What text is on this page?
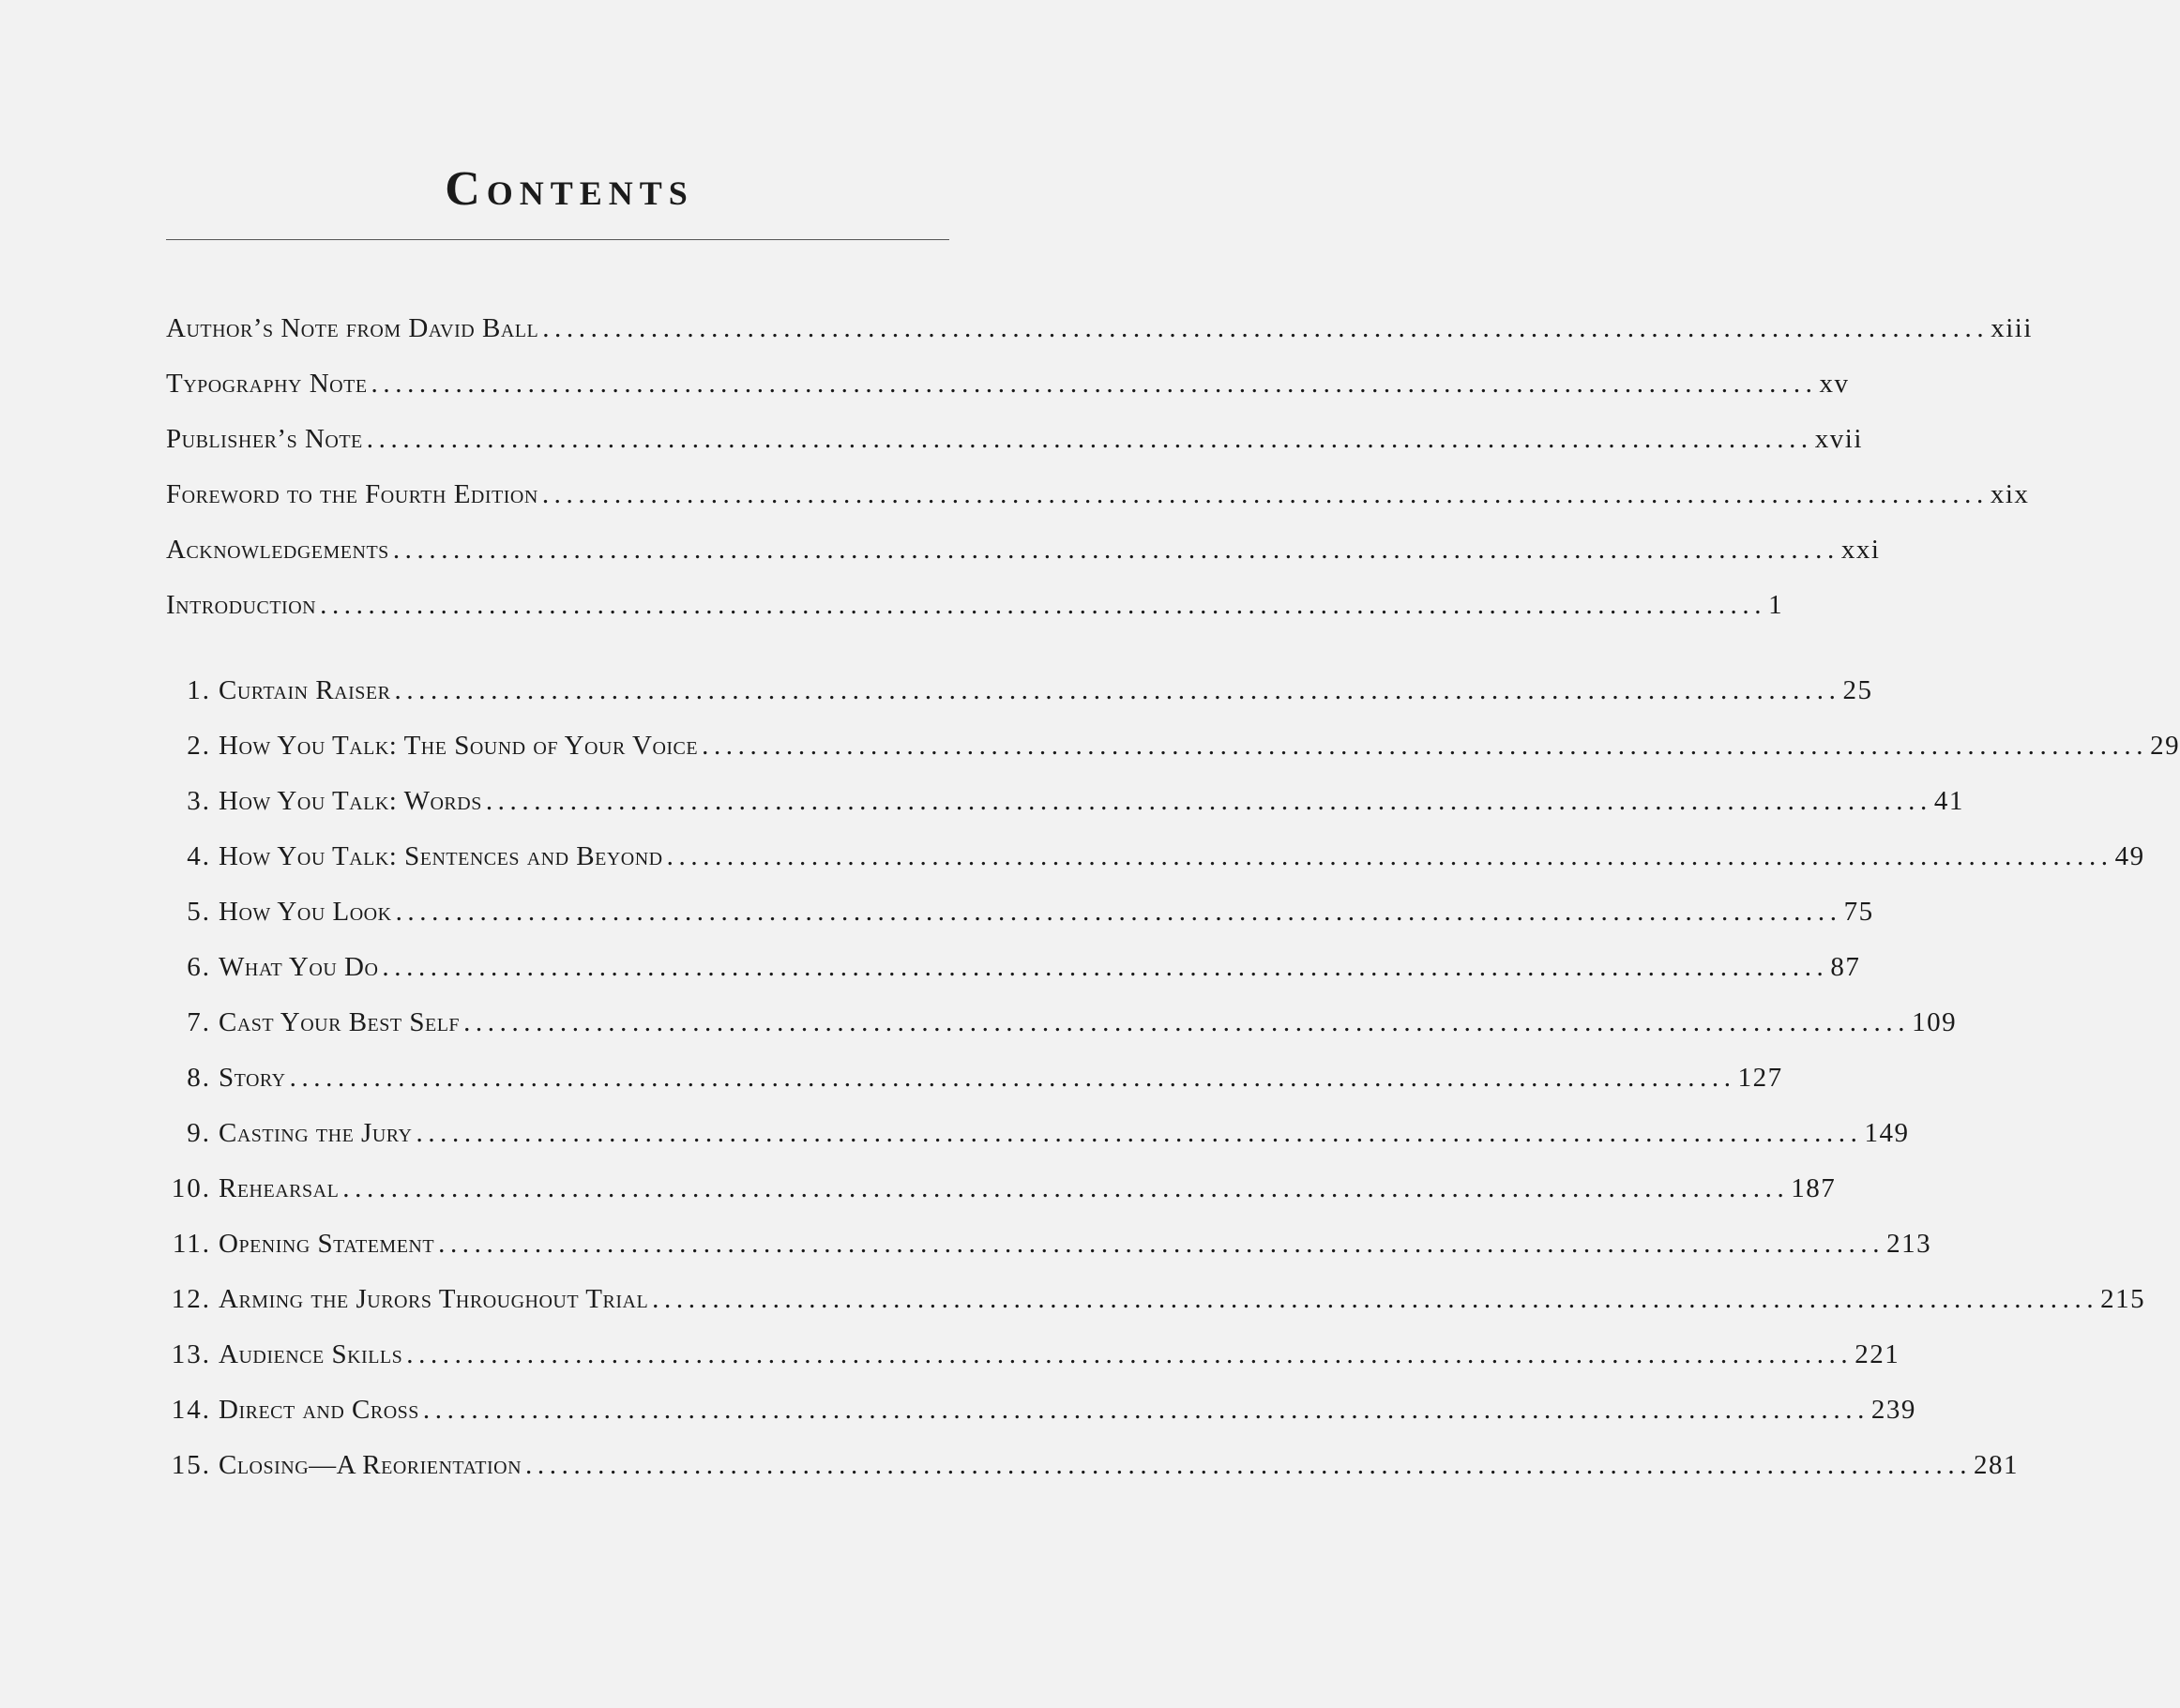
Contents
Author’s Note from David Ball ........................................................................................................................ xiii
Typography Note ........................................................................................................................ xv
Publisher’s Note ........................................................................................................................ xvii
Foreword to the Fourth Edition ........................................................................................................................ xix
Acknowledgements ........................................................................................................................ xxi
Introduction ........................................................................................................................ 1
1. Curtain Raiser ........................................................................................................................ 25
2. How You Talk: The Sound of Your Voice ........................................................................................................................ 29
3. How You Talk: Words ........................................................................................................................ 41
4. How You Talk: Sentences and Beyond ........................................................................................................................ 49
5. How You Look ........................................................................................................................ 75
6. What You Do ........................................................................................................................ 87
7. Cast Your Best Self ........................................................................................................................ 109
8. Story ........................................................................................................................ 127
9. Casting the Jury ........................................................................................................................ 149
10. Rehearsal ........................................................................................................................ 187
11. Opening Statement ........................................................................................................................ 213
12. Arming the Jurors Throughout Trial ........................................................................................................................ 215
13. Audience Skills ........................................................................................................................ 221
14. Direct and Cross ........................................................................................................................ 239
15. Closing—A Reorientation ........................................................................................................................ 281
